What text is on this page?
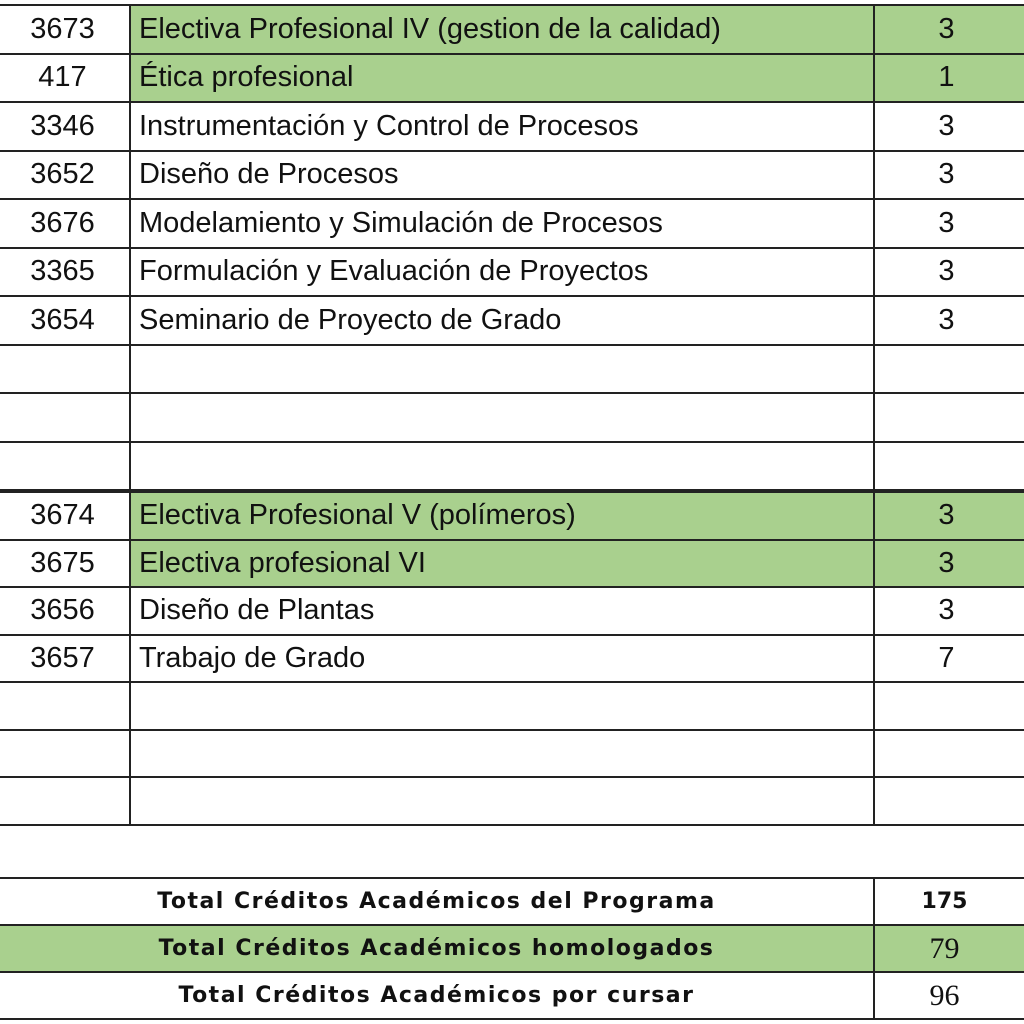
3673	Electiva Profesional IV (gestion de la calidad)	3
417	Ética profesional	1
3346	Instrumentación y Control de Procesos	3
3652	Diseño de Procesos	3
3676	Modelamiento y Simulación de Procesos	3
3365	Formulación y Evaluación de Proyectos	3
3654	Seminario de Proyecto de Grado	3

3674	Electiva Profesional V (polímeros)	3
3675	Electiva profesional VI	3
3656	Diseño de Plantas	3
3657	Trabajo de Grado	7

Total Créditos Académicos del Programa	175
Total Créditos Académicos homologados	79
Total Créditos Académicos por cursar	96
